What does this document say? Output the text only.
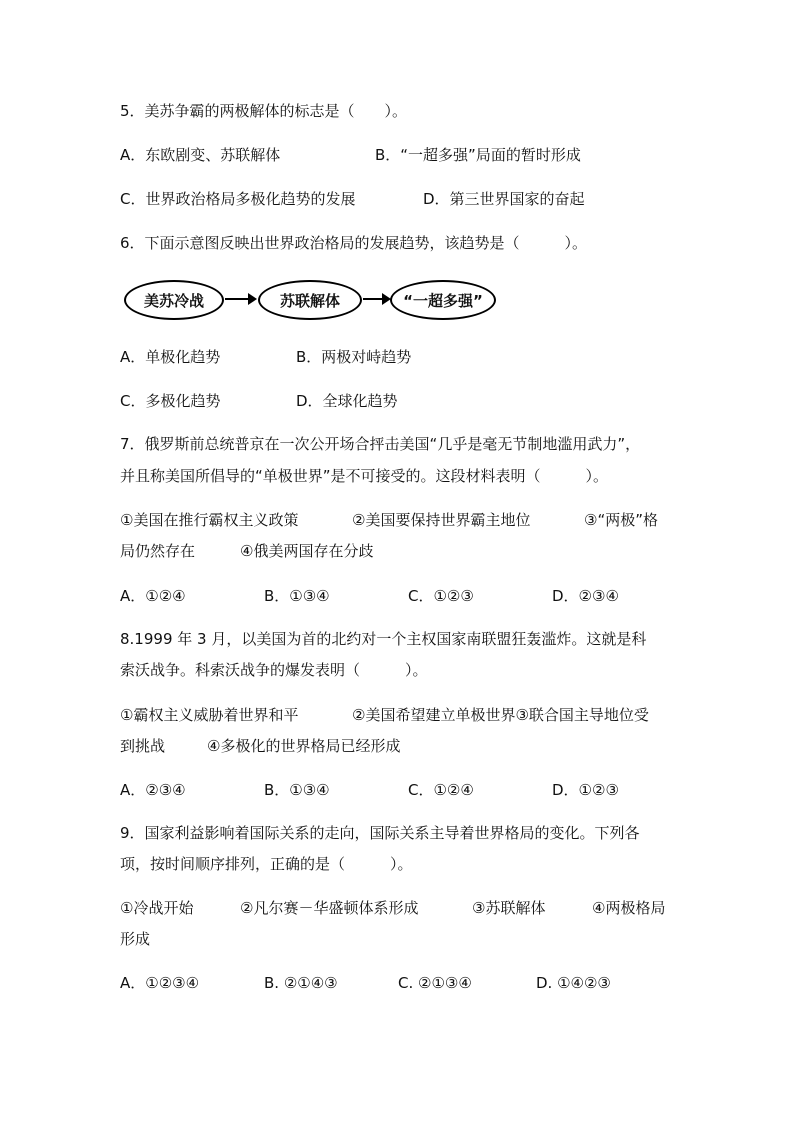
5．美苏争霸的两极解体的标志是（　　）。
A．东欧剧变、苏联解体	B．“一超多强”局面的暂时形成
C．世界政治格局多极化趋势的发展	D．第三世界国家的奋起
6．下面示意图反映出世界政治格局的发展趋势，该趋势是（　　　）。
美苏冷战	苏联解体	“一超多强”
A．单极化趋势	B．两极对峙趋势
C．多极化趋势	D．全球化趋势
7．俄罗斯前总统普京在一次公开场合抨击美国“几乎是毫无节制地滥用武力”，
并且称美国所倡导的“单极世界”是不可接受的。这段材料表明（　　　）。
①美国在推行霸权主义政策	②美国要保持世界霸主地位	③“两极”格
局仍然存在	④俄美两国存在分歧
A．①②④	B．①③④	C．①②③	D．②③④
8.1999 年 3 月，以美国为首的北约对一个主权国家南联盟狂轰滥炸。这就是科
索沃战争。科索沃战争的爆发表明（　　　）。
①霸权主义威胁着世界和平	②美国希望建立单极世界③联合国主导地位受
到挑战	④多极化的世界格局已经形成
A．②③④	B．①③④	C．①②④	D．①②③
9．国家利益影响着国际关系的走向，国际关系主导着世界格局的变化。下列各
项，按时间顺序排列，正确的是（　　　）。
①冷战开始	②凡尔赛－华盛顿体系形成	③苏联解体	④两极格局
形成
A．①②③④	B. ②①④③	C. ②①③④	D. ①④②③
